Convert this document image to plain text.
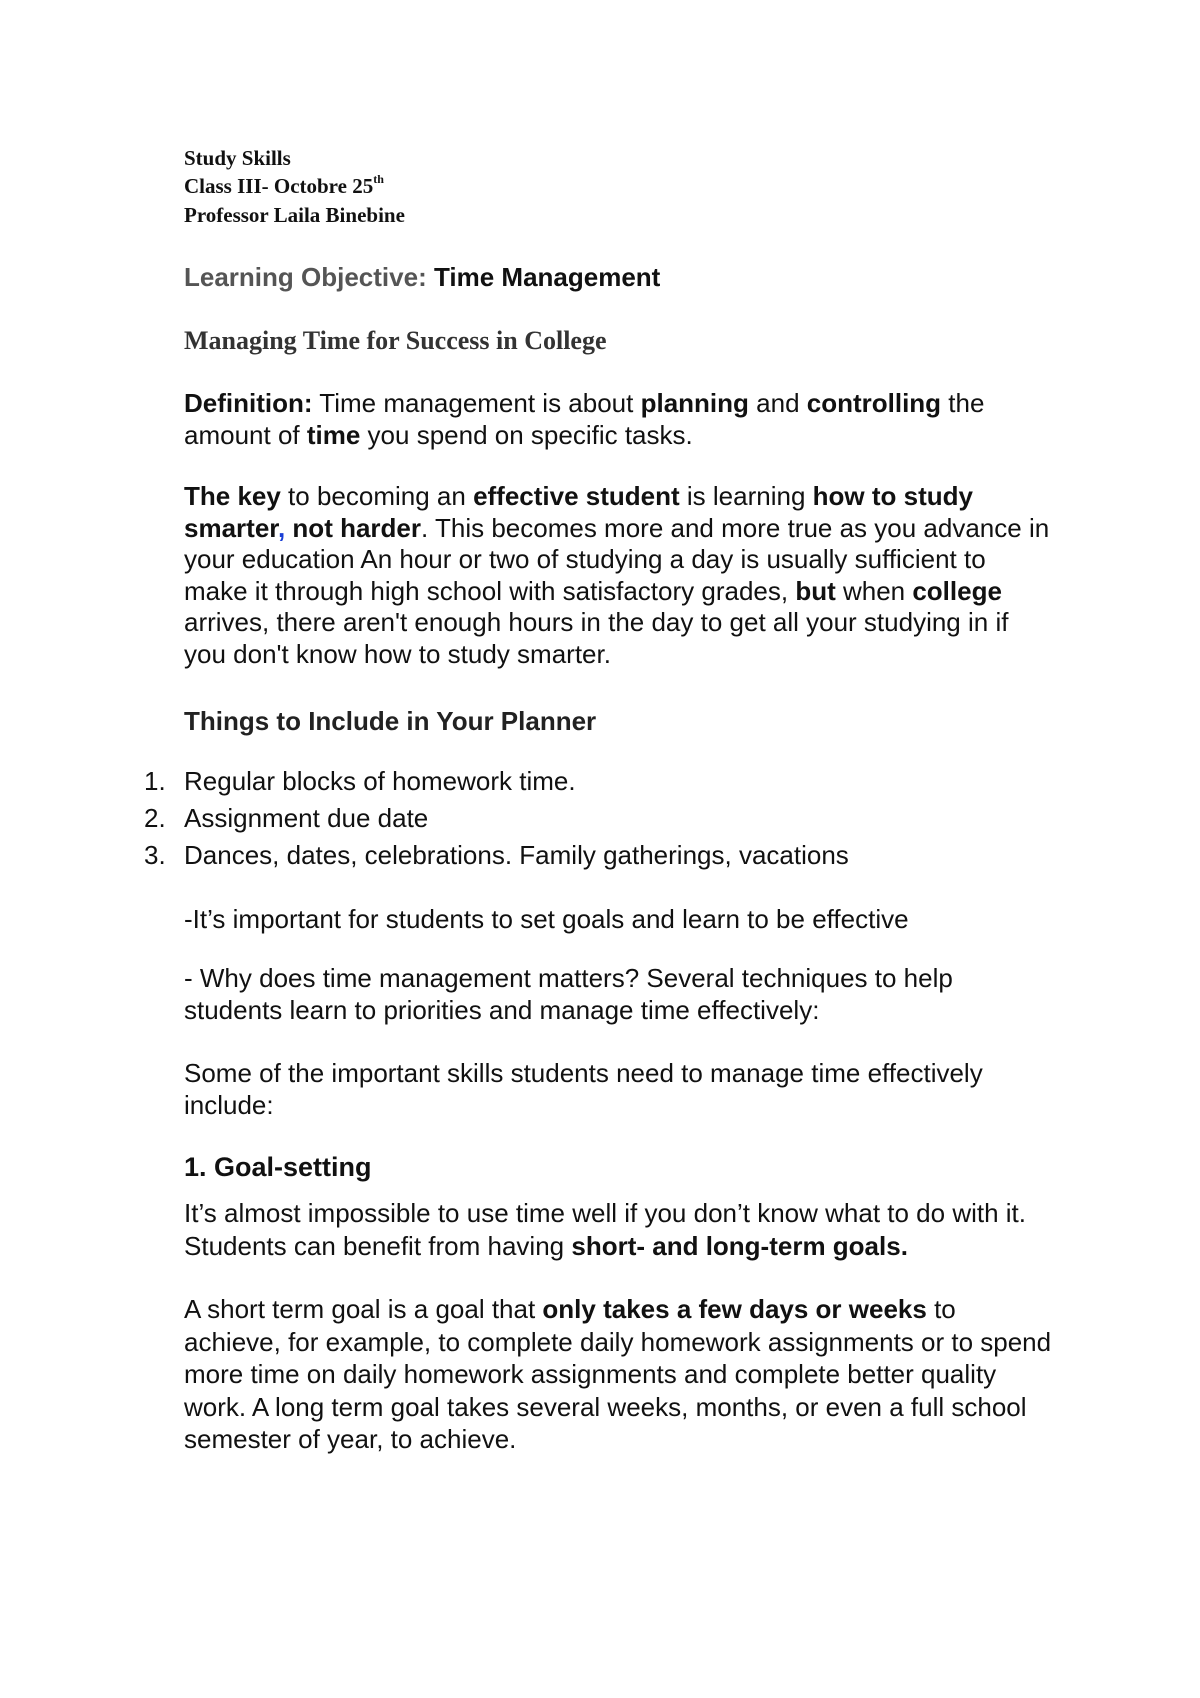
Study Skills
Class III- Octobre 25th
Professor Laila Binebine
Learning Objective: Time Management
Managing Time for Success in College
Definition: Time management is about planning and controlling the amount of time you spend on specific tasks.
The key to becoming an effective student is learning how to study smarter, not harder. This becomes more and more true as you advance in your education An hour or two of studying a day is usually sufficient to make it through high school with satisfactory grades, but when college arrives, there aren't enough hours in the day to get all your studying in if you don't know how to study smarter.
Things to Include in Your Planner
1. Regular blocks of homework time.
2. Assignment due date
3. Dances, dates, celebrations. Family gatherings, vacations
-It’s important for students to set goals and learn to be effective
- Why does time management matters? Several techniques to help students learn to priorities and manage time effectively:
Some of the important skills students need to manage time effectively include:
1. Goal-setting
It’s almost impossible to use time well if you don’t know what to do with it. Students can benefit from having short- and long-term goals.
A short term goal is a goal that only takes a few days or weeks to achieve, for example, to complete daily homework assignments or to spend more time on daily homework assignments and complete better quality work. A long term goal takes several weeks, months, or even a full school semester of year, to achieve.
